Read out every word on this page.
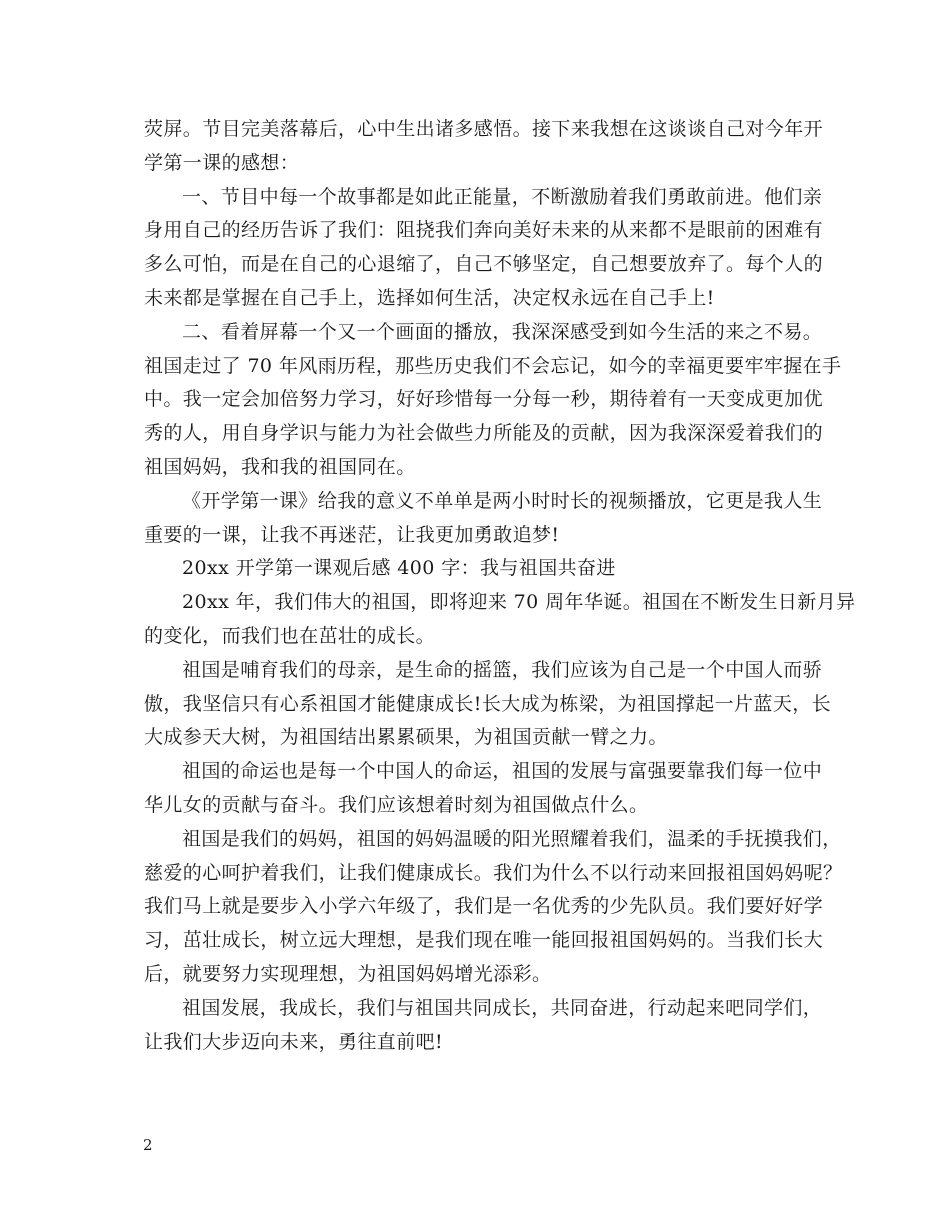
荧屏。节目完美落幕后，心中生出诸多感悟。接下来我想在这谈谈自己对今年开
学第一课的感想：
一、节目中每一个故事都是如此正能量，不断激励着我们勇敢前进。他们亲
身用自己的经历告诉了我们：阻挠我们奔向美好未来的从来都不是眼前的困难有
多么可怕，而是在自己的心退缩了，自己不够坚定，自己想要放弃了。每个人的
未来都是掌握在自己手上，选择如何生活，决定权永远在自己手上!
二、看着屏幕一个又一个画面的播放，我深深感受到如今生活的来之不易。
祖国走过了 70 年风雨历程，那些历史我们不会忘记，如今的幸福更要牢牢握在手
中。我一定会加倍努力学习，好好珍惜每一分每一秒，期待着有一天变成更加优
秀的人，用自身学识与能力为社会做些力所能及的贡献，因为我深深爱着我们的
祖国妈妈，我和我的祖国同在。
《开学第一课》给我的意义不单单是两小时时长的视频播放，它更是我人生
重要的一课，让我不再迷茫，让我更加勇敢追梦!
20xx 开学第一课观后感 400 字：我与祖国共奋进
20xx 年，我们伟大的祖国，即将迎来 70 周年华诞。祖国在不断发生日新月异
的变化，而我们也在茁壮的成长。
祖国是哺育我们的母亲，是生命的摇篮，我们应该为自己是一个中国人而骄
傲，我坚信只有心系祖国才能健康成长!长大成为栋梁，为祖国撑起一片蓝天，长
大成参天大树，为祖国结出累累硕果，为祖国贡献一臂之力。
祖国的命运也是每一个中国人的命运，祖国的发展与富强要靠我们每一位中
华儿女的贡献与奋斗。我们应该想着时刻为祖国做点什么。
祖国是我们的妈妈，祖国的妈妈温暖的阳光照耀着我们，温柔的手抚摸我们，
慈爱的心呵护着我们，让我们健康成长。我们为什么不以行动来回报祖国妈妈呢？
我们马上就是要步入小学六年级了，我们是一名优秀的少先队员。我们要好好学
习，茁壮成长，树立远大理想，是我们现在唯一能回报祖国妈妈的。当我们长大
后，就要努力实现理想，为祖国妈妈增光添彩。
祖国发展，我成长，我们与祖国共同成长，共同奋进，行动起来吧同学们，
让我们大步迈向未来，勇往直前吧!
2
